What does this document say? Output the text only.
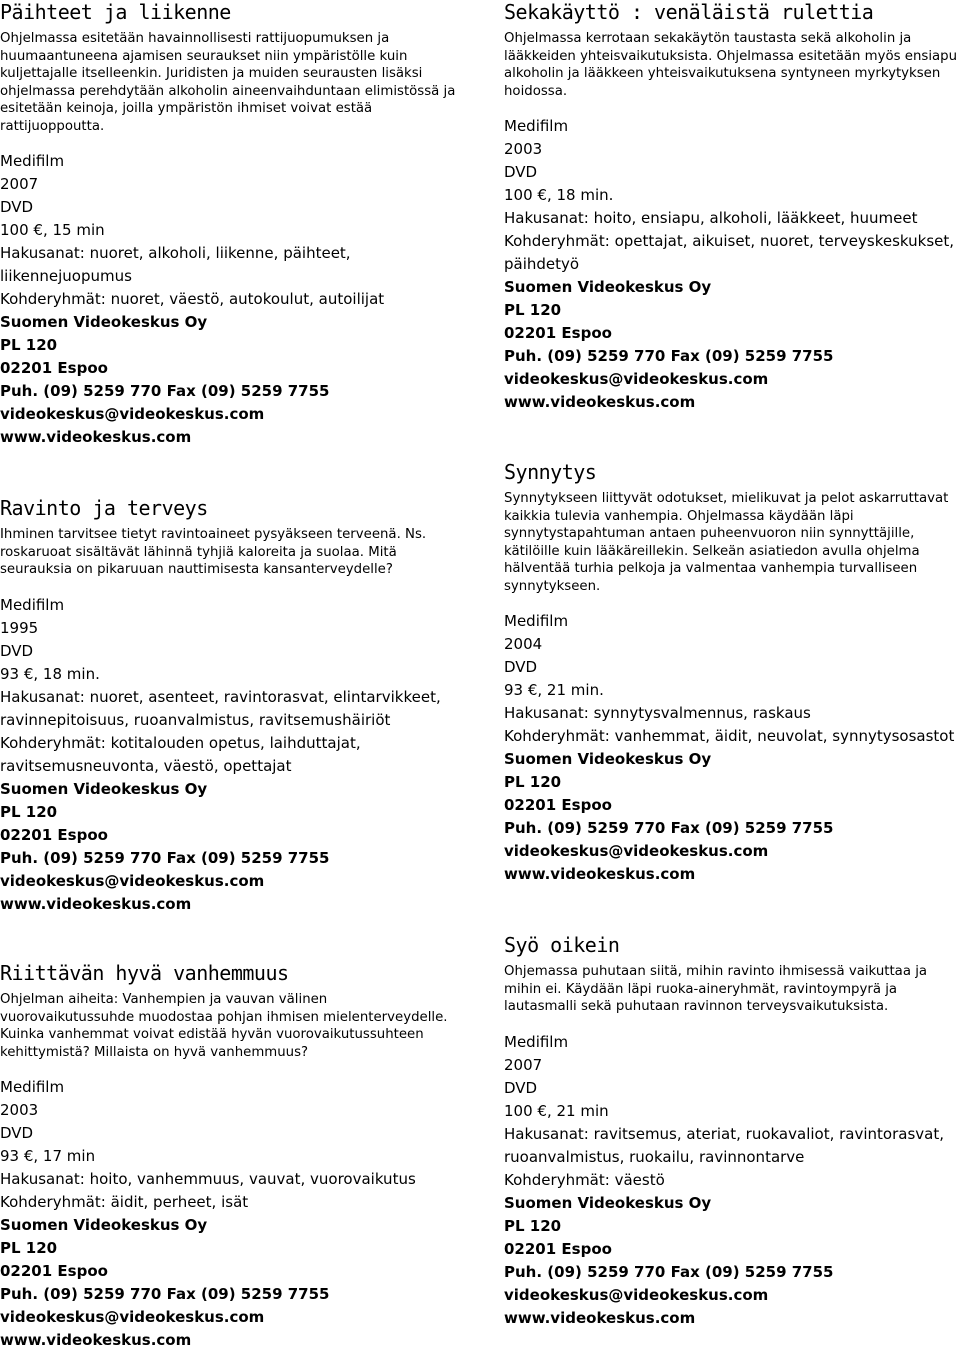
Päihteet ja liikenne

Ohjelmassa esitetään havainnollisesti rattijuopumuksen ja huumaantuneena ajamisen seuraukset niin ympäristölle kuin kuljettajalle itselleenkin. Juridisten ja muiden seurausten lisäksi ohjelmassa perehdytään alkoholin aineenvaihduntaan elimistössä ja esitetään keinoja, joilla ympäristön ihmiset voivat estää rattijuoppoutta.

Medifilm
2007
DVD
100 €, 15 min
Hakusanat: nuoret, alkoholi, liikenne, päihteet, liikennejuopumus
Kohderyhmät: nuoret, väestö, autokoulut, autoilijat
Suomen Videokeskus Oy
PL 120
02201 Espoo
Puh. (09) 5259 770 Fax (09) 5259 7755
videokeskus@videokeskus.com
www.videokeskus.com
Ravinto ja terveys

Ihminen tarvitsee tietyt ravintoaineet pysyäkseen terveenä. Ns. roskaruoat sisältävät lähinnä tyhjiä kaloreita ja suolaa. Mitä seurauksia on pikaruuan nauttimisesta kansanterveydelle?

Medifilm
1995
DVD
93 €, 18 min.
Hakusanat: nuoret, asenteet, ravintorasvat, elintarvikkeet, ravinnepitoisuus, ruoanvalmistus, ravitsemushäiriöt
Kohderyhmät: kotitalouden opetus, laihduttajat, ravitsemusneuvonta, väestö, opettajat
Suomen Videokeskus Oy
PL 120
02201 Espoo
Puh. (09) 5259 770 Fax (09) 5259 7755
videokeskus@videokeskus.com
www.videokeskus.com
Riittävän hyvä vanhemmuus

Ohjelman aiheita: Vanhempien ja vauvan välinen vuorovaikutussuhde muodostaa pohjan ihmisen mielenterveydelle. Kuinka vanhemmat voivat edistää hyvän vuorovaikutussuhteen kehittymistä? Millaista on hyvä vanhemmuus?

Medifilm
2003
DVD
93 €, 17 min
Hakusanat: hoito, vanhemmuus, vauvat, vuorovaikutus
Kohderyhmät: äidit, perheet, isät
Suomen Videokeskus Oy
PL 120
02201 Espoo
Puh. (09) 5259 770 Fax (09) 5259 7755
videokeskus@videokeskus.com
www.videokeskus.com
Sekakäyttö : venäläistä rulettia

Ohjelmassa kerrotaan sekakäytön taustasta sekä alkoholin ja lääkkeiden yhteisvaikutuksista. Ohjelmassa esitetään myös ensiapu alkoholin ja lääkkeen yhteisvaikutuksena syntyneen myrkytyksen hoidossa.

Medifilm
2003
DVD
100 €, 18 min.
Hakusanat: hoito, ensiapu, alkoholi, lääkkeet, huumeet
Kohderyhmät: opettajat, aikuiset, nuoret, terveyskeskukset, päihdetyö
Suomen Videokeskus Oy
PL 120
02201 Espoo
Puh. (09) 5259 770 Fax (09) 5259 7755
videokeskus@videokeskus.com
www.videokeskus.com
Synnytys

Synnytykseen liittyvät odotukset, mielikuvat ja pelot askarruttavat kaikkia tulevia vanhempia. Ohjelmassa käydään läpi synnytystapahtuman antaen puheenvuoron niin synnyttäjille, kätilöille kuin lääkäreillekin. Selkeän asiatiedon avulla ohjelma hälventää turhia pelkoja ja valmentaa vanhempia turvalliseen synnytykseen.

Medifilm
2004
DVD
93 €, 21 min.
Hakusanat: synnytysvalmennus, raskaus
Kohderyhmät: vanhemmat, äidit, neuvolat, synnytysosastot
Suomen Videokeskus Oy
PL 120
02201 Espoo
Puh. (09) 5259 770 Fax (09) 5259 7755
videokeskus@videokeskus.com
www.videokeskus.com
Syö oikein

Ohjemassa puhutaan siitä, mihin ravinto ihmisessä vaikuttaa ja mihin ei. Käydään läpi ruoka-aineryhmät, ravintoympyrä ja lautasmalli sekä puhutaan ravinnon terveysvaikutuksista.

Medifilm
2007
DVD
100 €, 21 min
Hakusanat: ravitsemus, ateriat, ruokavaliot, ravintorasvat, ruoanvalmistus, ruokailu, ravinnontarve
Kohderyhmät: väestö
Suomen Videokeskus Oy
PL 120
02201 Espoo
Puh. (09) 5259 770 Fax (09) 5259 7755
videokeskus@videokeskus.com
www.videokeskus.com
